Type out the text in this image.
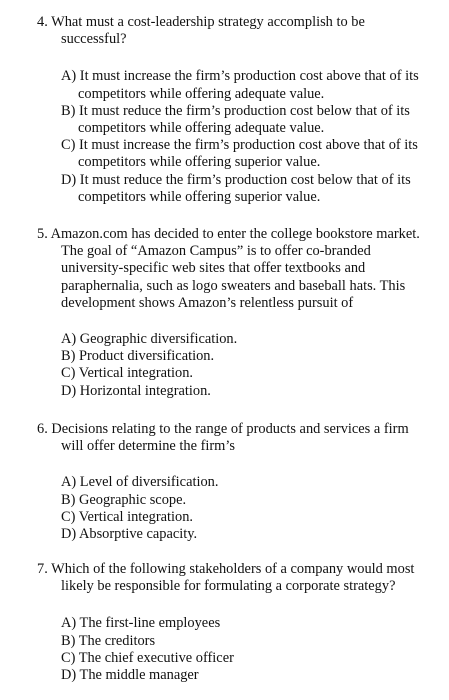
4. What must a cost-leadership strategy accomplish to be successful?

A) It must increase the firm’s production cost above that of its competitors while offering adequate value.
B) It must reduce the firm’s production cost below that of its competitors while offering adequate value.
C) It must increase the firm’s production cost above that of its competitors while offering superior value.
D) It must reduce the firm’s production cost below that of its competitors while offering superior value.

5. Amazon.com has decided to enter the college bookstore market. The goal of “Amazon Campus” is to offer co-branded university-specific web sites that offer textbooks and paraphernalia, such as logo sweaters and baseball hats. This development shows Amazon’s relentless pursuit of

A) Geographic diversification.
B) Product diversification.
C) Vertical integration.
D) Horizontal integration.

6. Decisions relating to the range of products and services a firm will offer determine the firm’s

A) Level of diversification.
B) Geographic scope.
C) Vertical integration.
D) Absorptive capacity.

7. Which of the following stakeholders of a company would most likely be responsible for formulating a corporate strategy?

A) The first-line employees
B) The creditors
C) The chief executive officer
D) The middle manager
